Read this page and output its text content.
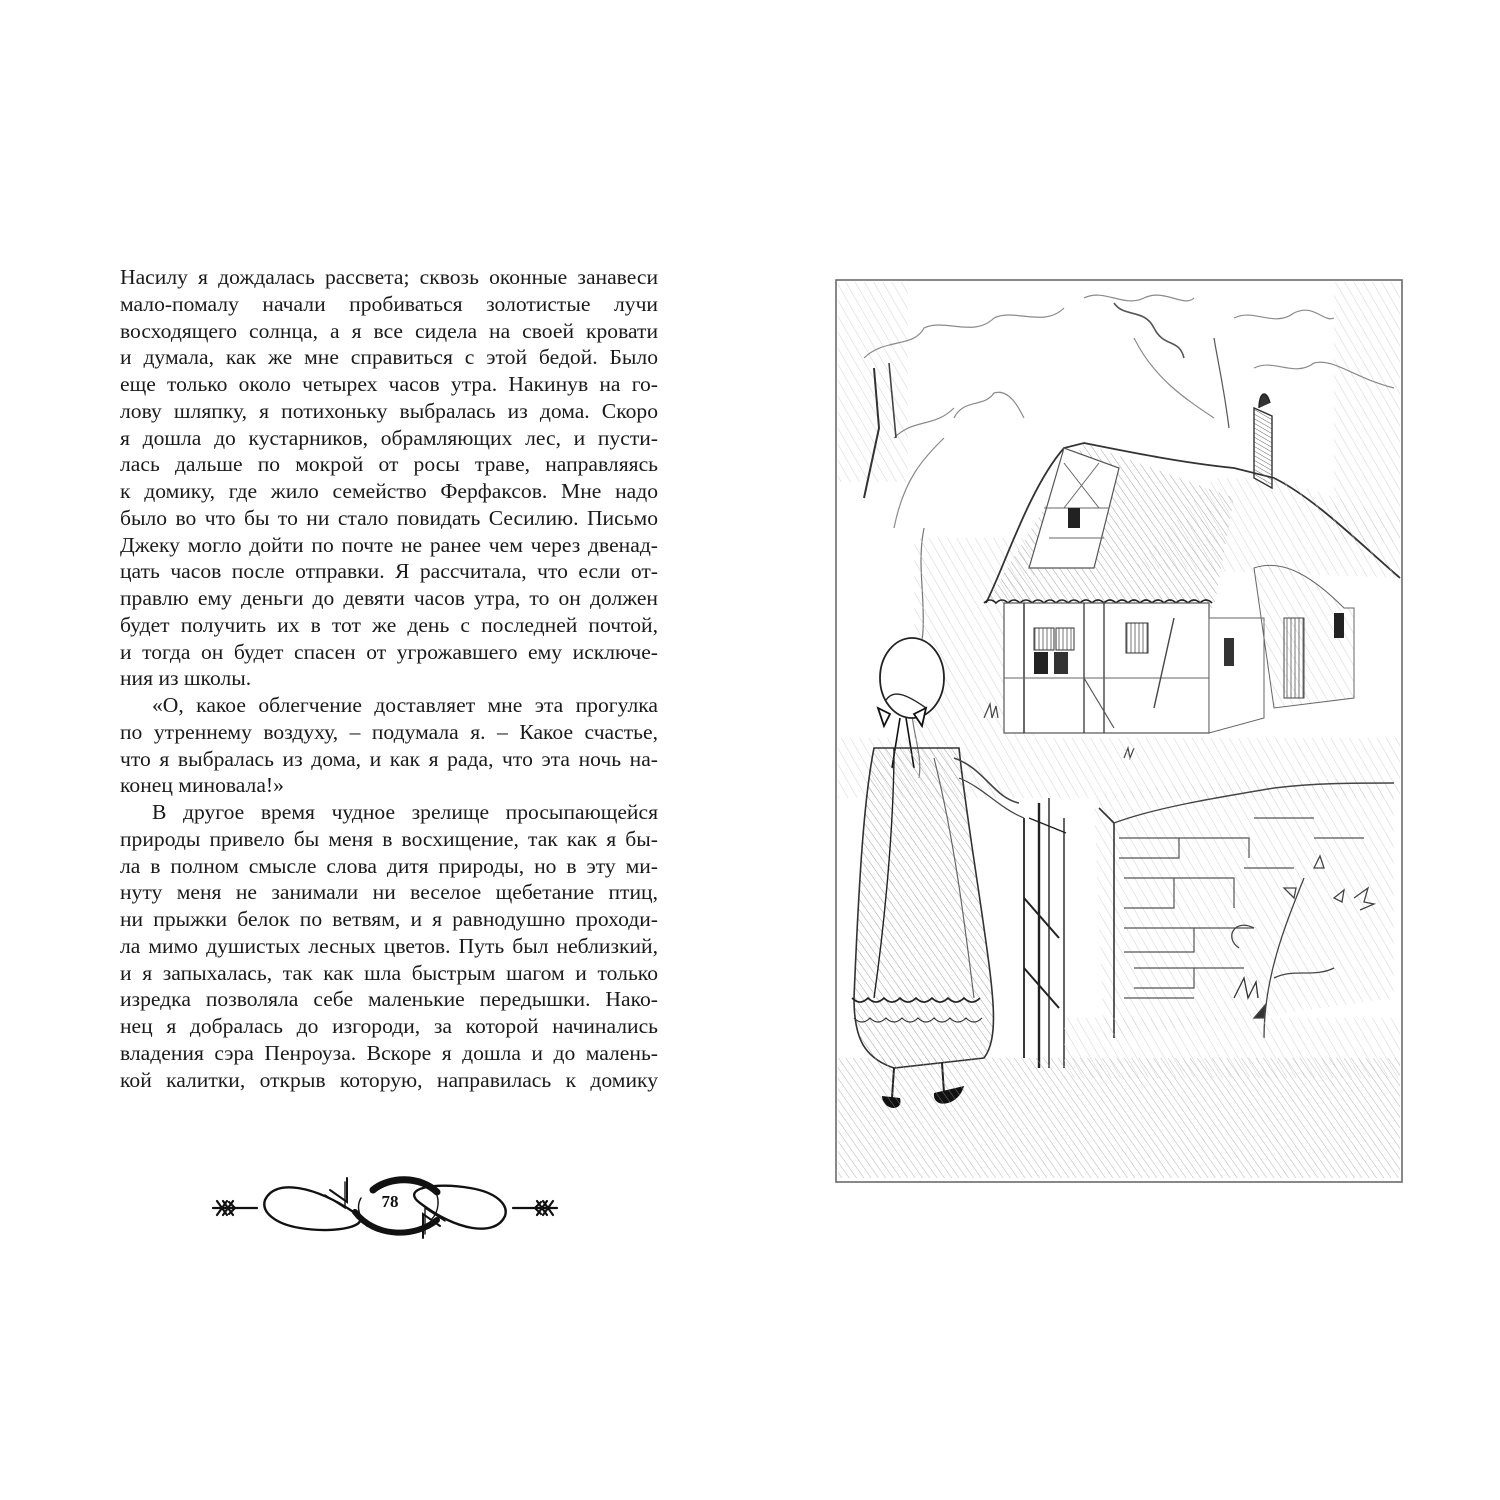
Насилу я дождалась рассвета; сквозь оконные занавеси
мало-помалу начали пробиваться золотистые лучи
восходящего солнца, а я все сидела на своей кровати
и думала, как же мне справиться с этой бедой. Было
еще только около четырех часов утра. Накинув на го-
лову шляпку, я потихоньку выбралась из дома. Скоро
я дошла до кустарников, обрамляющих лес, и пусти-
лась дальше по мокрой от росы траве, направляясь
к домику, где жило семейство Ферфаксов. Мне надо
было во что бы то ни стало повидать Сесилию. Письмо
Джеку могло дойти по почте не ранее чем через двенад-
цать часов после отправки. Я рассчитала, что если от-
правлю ему деньги до девяти часов утра, то он должен
будет получить их в тот же день с последней почтой,
и тогда он будет спасен от угрожавшего ему исключе-
ния из школы.

«О, какое облегчение доставляет мне эта прогулка
по утреннему воздуху, – подумала я. – Какое счастье,
что я выбралась из дома, и как я рада, что эта ночь на-
конец миновала!»

В другое время чудное зрелище просыпающейся
природы привело бы меня в восхищение, так как я бы-
ла в полном смысле слова дитя природы, но в эту ми-
нуту меня не занимали ни веселое щебетание птиц,
ни прыжки белок по ветвям, и я равнодушно проходи-
ла мимо душистых лесных цветов. Путь был неблизкий,
и я запыхалась, так как шла быстрым шагом и только
изредка позволяла себе маленькие передышки. Нако-
нец я добралась до изгороди, за которой начинались
владения сэра Пенроуза. Вскоре я дошла и до малень-
кой калитки, открыв которую, направилась к домику

78
